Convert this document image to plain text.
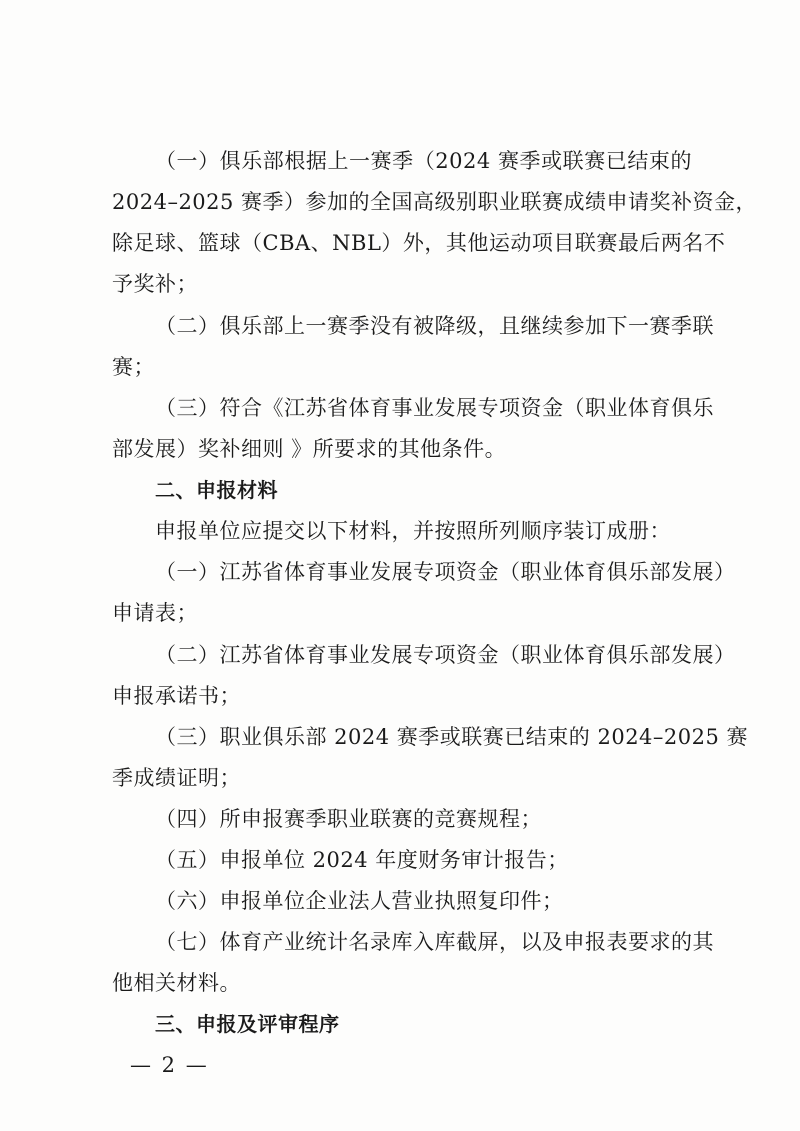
（一）俱乐部根据上一赛季（2024 赛季或联赛已结束的
2024–2025 赛季）参加的全国高级别职业联赛成绩申请奖补资金，
除足球、篮球（CBA、NBL）外，其他运动项目联赛最后两名不
予奖补；
（二）俱乐部上一赛季没有被降级，且继续参加下一赛季联
赛；
（三）符合《江苏省体育事业发展专项资金（职业体育俱乐
部发展）奖补细则 》所要求的其他条件。
二、申报材料
申报单位应提交以下材料，并按照所列顺序装订成册：
（一）江苏省体育事业发展专项资金（职业体育俱乐部发展）
申请表；
（二）江苏省体育事业发展专项资金（职业体育俱乐部发展）
申报承诺书；
（三）职业俱乐部 2024 赛季或联赛已结束的 2024–2025 赛
季成绩证明；
（四）所申报赛季职业联赛的竞赛规程；
（五）申报单位 2024 年度财务审计报告；
（六）申报单位企业法人营业执照复印件；
（七）体育产业统计名录库入库截屏，以及申报表要求的其
他相关材料。
三、申报及评审程序
— 2 —
